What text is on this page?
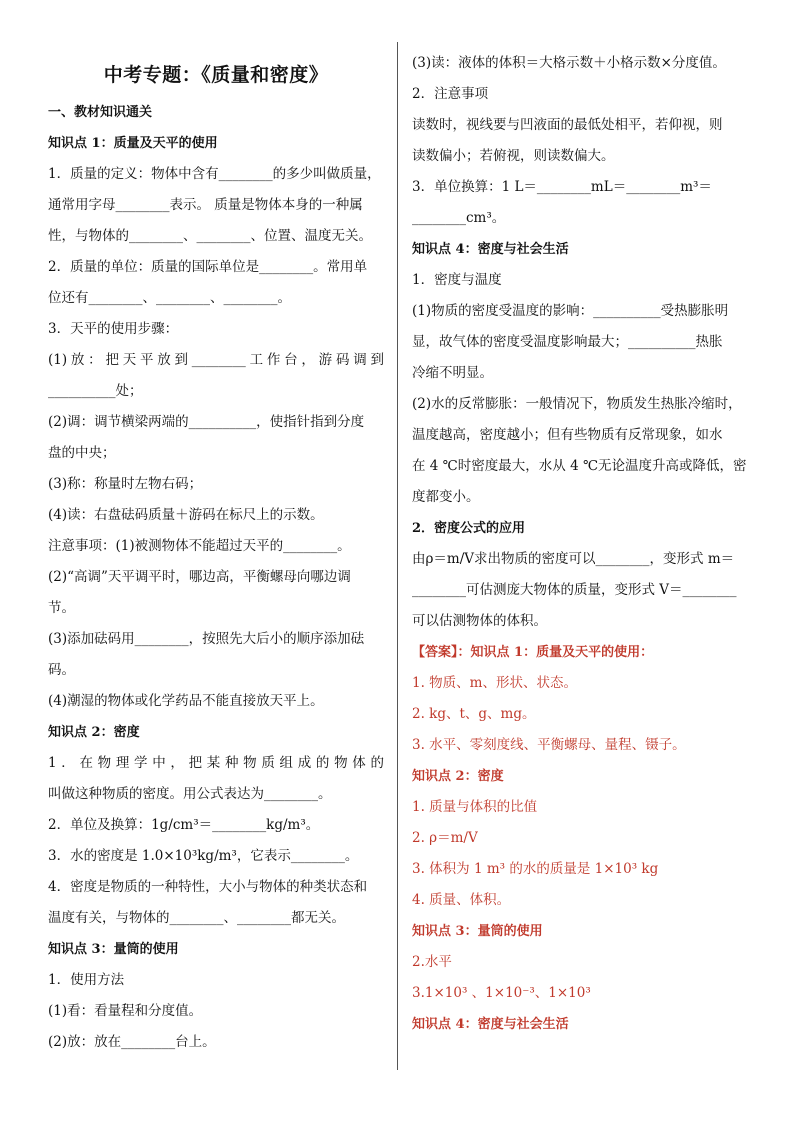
中考专题：《质量和密度》
一、教材知识通关
知识点 1：质量及天平的使用
1．质量的定义：物体中含有________的多少叫做质量，
通常用字母________表示。 质量是物体本身的一种属
性，与物体的________、________、位置、温度无关。
2．质量的单位：质量的国际单位是________。常用单
位还有________、________、________。
3．天平的使用步骤：
(1)放：把天平放到________工作台，游码调到
__________处；
(2)调：调节横梁两端的__________，使指针指到分度
盘的中央；
(3)称：称量时左物右码；
(4)读：右盘砝码质量＋游码在标尺上的示数。
注意事项：(1)被测物体不能超过天平的________。
(2)“高调”天平调平时，哪边高，平衡螺母向哪边调
节。
(3)添加砝码用________，按照先大后小的顺序添加砝
码。
(4)潮湿的物体或化学药品不能直接放天平上。
知识点 2：密度
1．在物理学中，把某种物质组成的物体的
叫做这种物质的密度。用公式表达为________。
2．单位及换算：1g/cm³＝________kg/m³。
3．水的密度是 1.0×10³kg/m³，它表示________。
4．密度是物质的一种特性，大小与物体的种类状态和
温度有关，与物体的________、________都无关。
知识点 3：量筒的使用
1．使用方法
(1)看：看量程和分度值。
(2)放：放在________台上。
(3)读：液体的体积＝大格示数＋小格示数×分度值。
2．注意事项
读数时，视线要与凹液面的最低处相平，若仰视，则
读数偏小；若俯视，则读数偏大。
3．单位换算：1 L＝________mL＝________m³＝
________cm³。
知识点 4：密度与社会生活
1．密度与温度
(1)物质的密度受温度的影响：__________受热膨胀明
显，故气体的密度受温度影响最大；__________热胀
冷缩不明显。
(2)水的反常膨胀：一般情况下，物质发生热胀冷缩时，
温度越高，密度越小；但有些物质有反常现象，如水
在 4 ℃时密度最大，水从 4 ℃无论温度升高或降低，密
度都变小。
2．密度公式的应用
由ρ＝m/V求出物质的密度可以________，变形式 m＝
________可估测庞大物体的质量，变形式 V＝________
可以估测物体的体积。
【答案】：知识点 1：质量及天平的使用：
1. 物质、m、形状、状态。
2. kg、t、g、mg。
3. 水平、零刻度线、平衡螺母、量程、镊子。
知识点 2：密度
1. 质量与体积的比值
2. ρ＝m/V
3. 体积为 1 m³ 的水的质量是 1×10³ kg
4. 质量、体积。
知识点 3：量筒的使用
2.水平
3.1×10³ 、1×10⁻³、1×10³
知识点 4：密度与社会生活
